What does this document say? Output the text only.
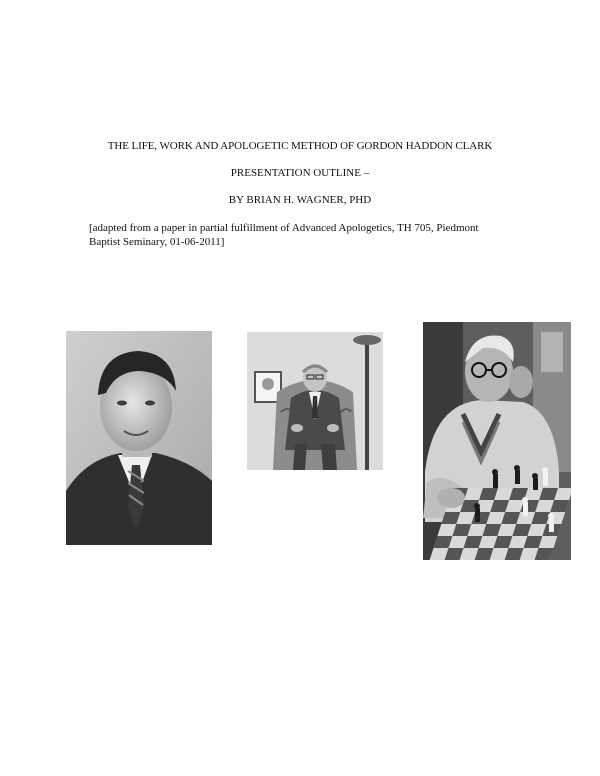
THE LIFE, WORK AND APOLOGETIC METHOD OF GORDON HADDON CLARK
PRESENTATION OUTLINE –
BY BRIAN H. WAGNER, PHD
[adapted from a paper in partial fulfillment of Advanced Apologetics, TH 705, Piedmont
Baptist Seminary, 01-06-2011]
